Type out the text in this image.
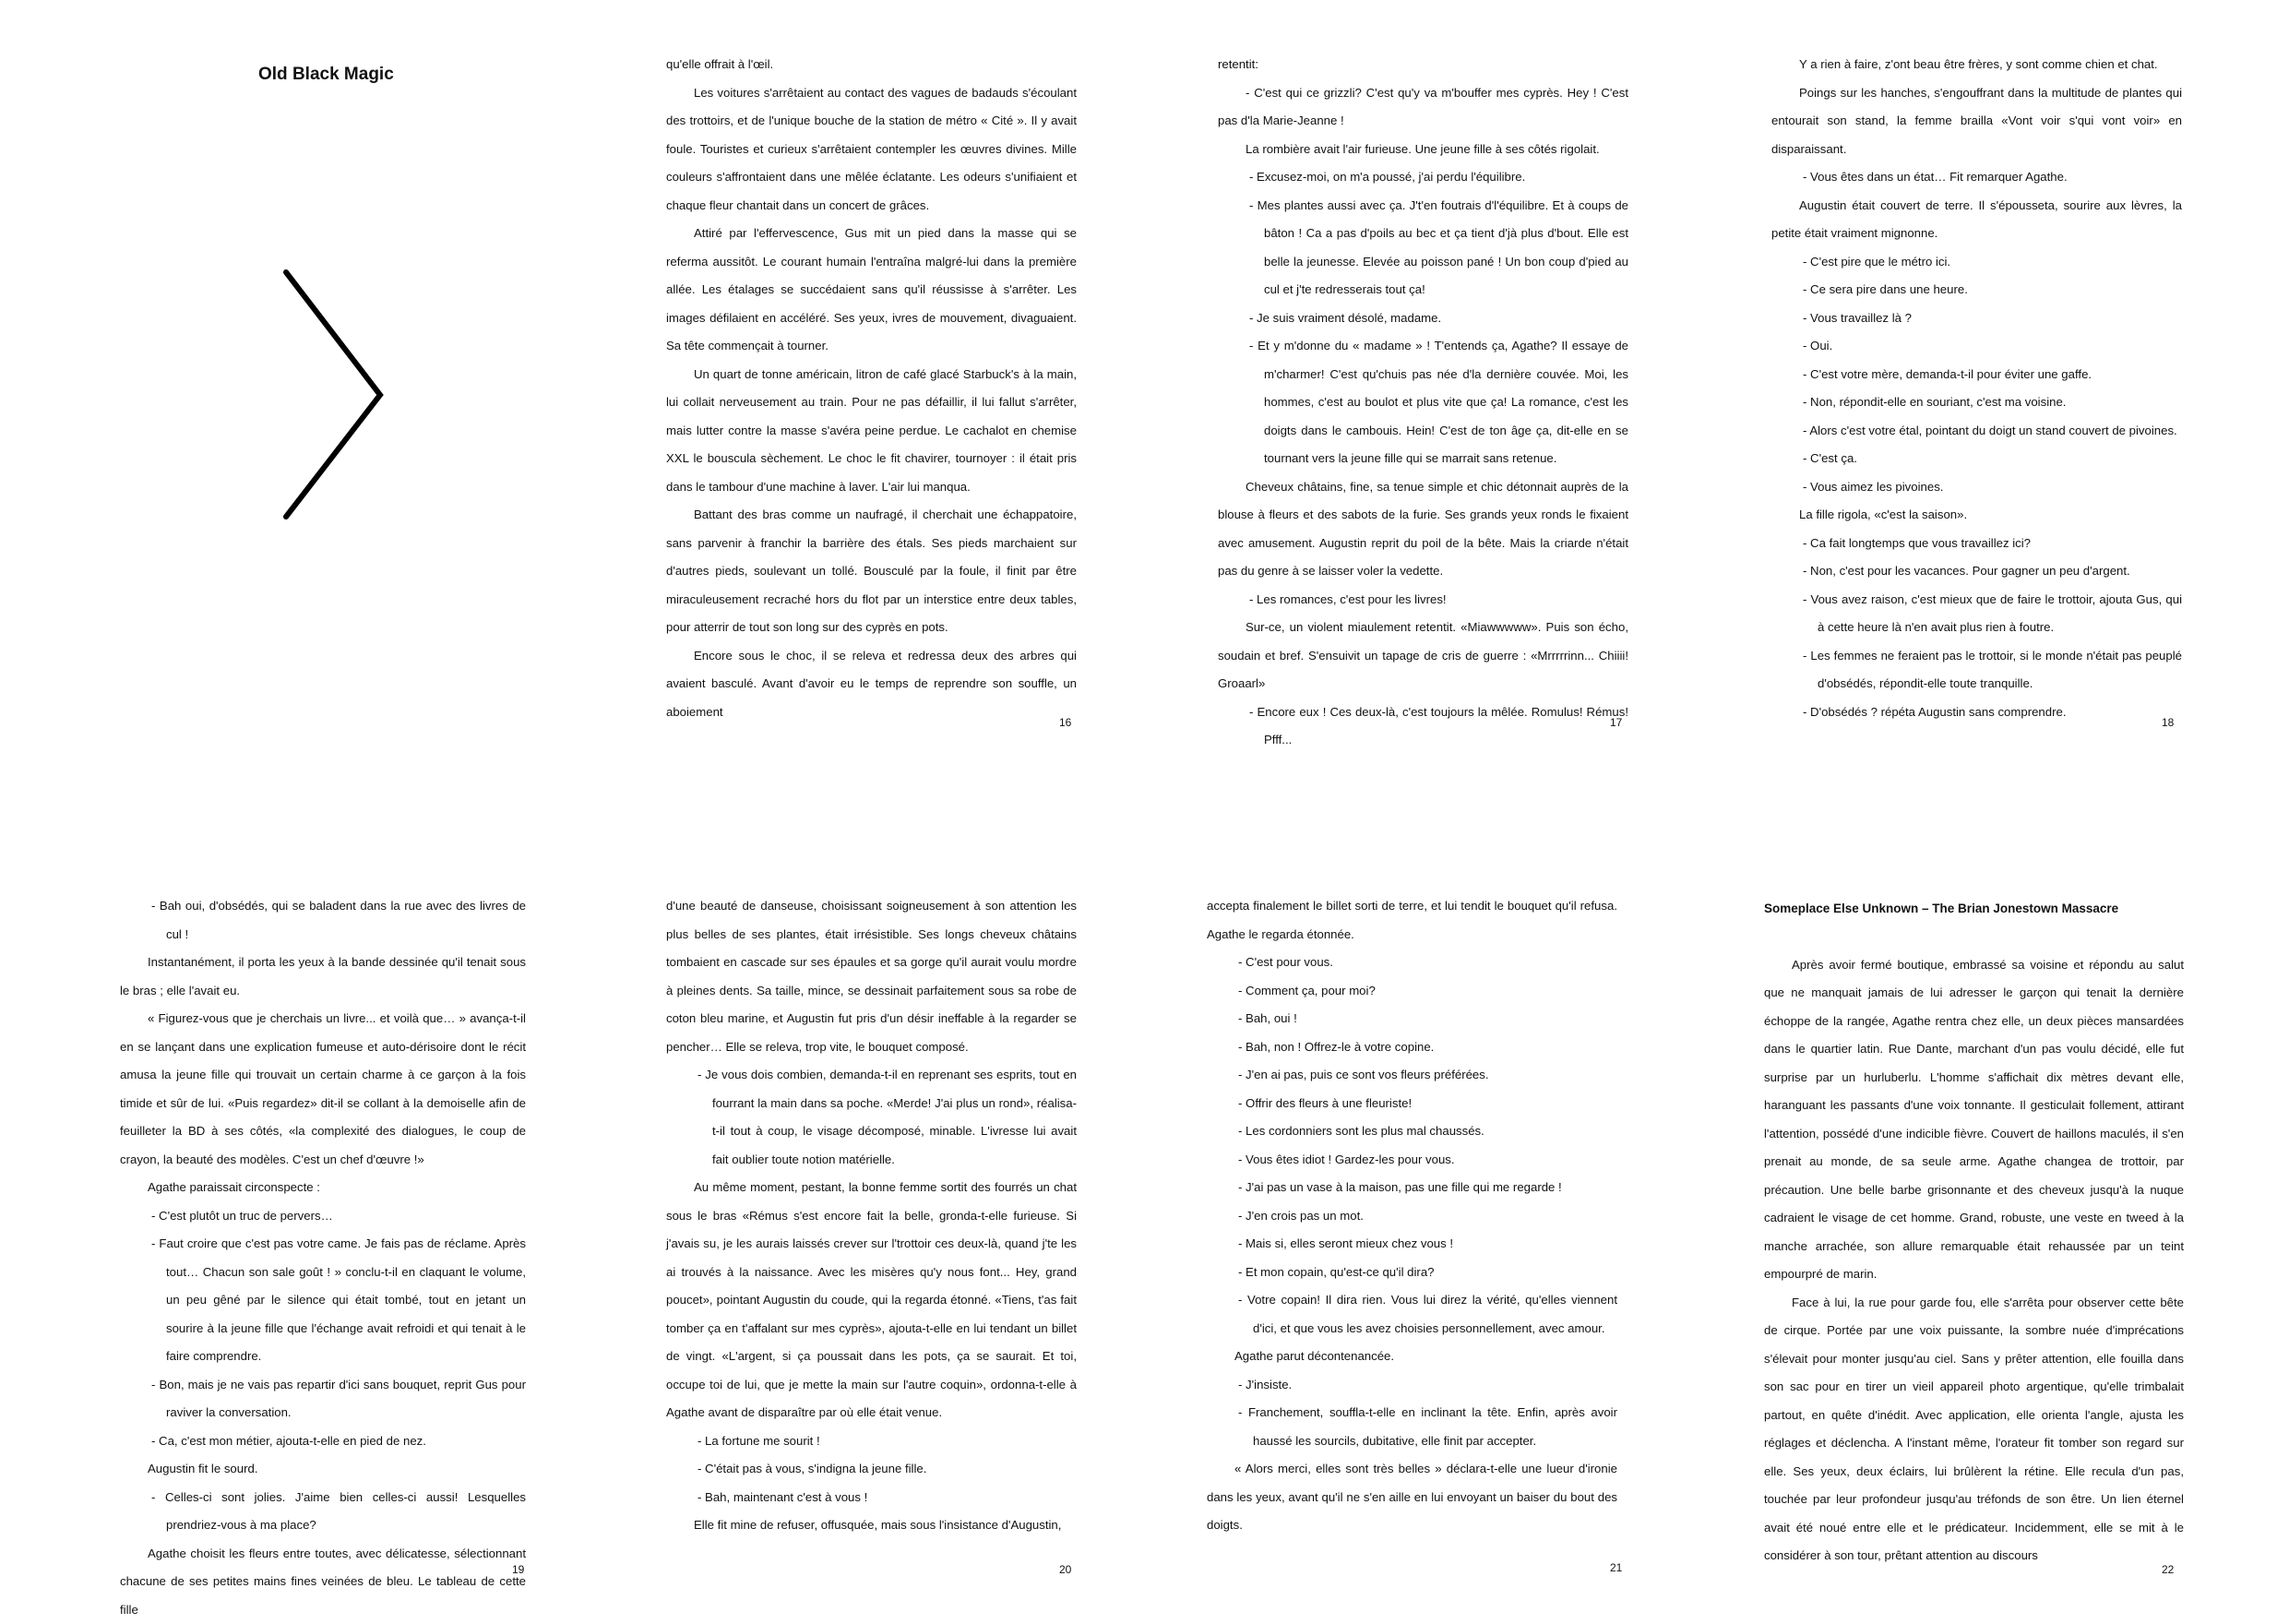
Old Black Magic

qu'elle offrait à l'œil.

Les voitures s'arrêtaient au contact des vagues de badauds s'écoulant des trottoirs, et de l'unique bouche de la station de métro « Cité ». Il y avait foule. Touristes et curieux s'arrêtaient contempler les œuvres divines. Mille couleurs s'affrontaient dans une mêlée éclatante. Les odeurs s'unifiaient et chaque fleur chantait dans un concert de grâces.

Attiré par l'effervescence, Gus mit un pied dans la masse qui se referma aussitôt. Le courant humain l'entraîna malgré-lui dans la première allée. Les étalages se succédaient sans qu'il réussisse à s'arrêter. Les images défilaient en accéléré. Ses yeux, ivres de mouvement, divaguaient. Sa tête commençait à tourner.

Un quart de tonne américain, litron de café glacé Starbuck's à la main, lui collait nerveusement au train. Pour ne pas défaillir, il lui fallut s'arrêter, mais lutter contre la masse s'avéra peine perdue. Le cachalot en chemise XXL le bouscula sèchement. Le choc le fit chavirer, tournoyer : il était pris dans le tambour d'une machine à laver. L'air lui manqua.

Battant des bras comme un naufragé, il cherchait une échappatoire, sans parvenir à franchir la barrière des étals. Ses pieds marchaient sur d'autres pieds, soulevant un tollé. Bousculé par la foule, il finit par être miraculeusement recraché hors du flot par un interstice entre deux tables, pour atterrir de tout son long sur des cyprès en pots.

Encore sous le choc, il se releva et redressa deux des arbres qui avaient basculé. Avant d'avoir eu le temps de reprendre son souffle, un aboiement

16

retentit:

- C'est qui ce grizzli? C'est qu'y va m'bouffer mes cyprès. Hey ! C'est pas d'la Marie-Jeanne !

La rombière avait l'air furieuse. Une jeune fille à ses côtés rigolait.

- Excusez-moi, on m'a poussé, j'ai perdu l'équilibre.

- Mes plantes aussi avec ça. J't'en foutrais d'l'équilibre. Et à coups de bâton ! Ca a pas d'poils au bec et ça tient d'jà plus d'bout. Elle est belle la jeunesse. Elevée au poisson pané ! Un bon coup d'pied au cul et j'te redresserais tout ça!

- Je suis vraiment désolé, madame.

- Et y m'donne du « madame » ! T'entends ça, Agathe? Il essaye de m'charmer! C'est qu'chuis pas née d'la dernière couvée. Moi, les hommes, c'est au boulot et plus vite que ça! La romance, c'est les doigts dans le cambouis. Hein! C'est de ton âge ça, dit-elle en se tournant vers la jeune fille qui se marrait sans retenue.

Cheveux châtains, fine, sa tenue simple et chic détonnait auprès de la blouse à fleurs et des sabots de la furie. Ses grands yeux ronds le fixaient avec amusement. Augustin reprit du poil de la bête. Mais la criarde n'était pas du genre à se laisser voler la vedette.

- Les romances, c'est pour les livres!

Sur-ce, un violent miaulement retentit. «Miawwwww». Puis son écho, soudain et bref. S'ensuivit un tapage de cris de guerre : «Mrrrrrinn... Chiiii! Groaarl»

- Encore eux ! Ces deux-là, c'est toujours la mêlée. Romulus! Rémus! Pfff...

17

Y a rien à faire, z'ont beau être frères, y sont comme chien et chat.

Poings sur les hanches, s'engouffrant dans la multitude de plantes qui entourait son stand, la femme brailla «Vont voir s'qui vont voir» en disparaissant.

- Vous êtes dans un état… Fit remarquer Agathe.

Augustin était couvert de terre. Il s'épousseta, sourire aux lèvres, la petite était vraiment mignonne.

- C'est pire que le métro ici.

- Ce sera pire dans une heure.

- Vous travaillez là ?

- Oui.

- C'est votre mère, demanda-t-il pour éviter une gaffe.

- Non, répondit-elle en souriant, c'est ma voisine.

- Alors c'est votre étal, pointant du doigt un stand couvert de pivoines.

- C'est ça.

- Vous aimez les pivoines.

La fille rigola, «c'est la saison».

- Ca fait longtemps que vous travaillez ici?

- Non, c'est pour les vacances. Pour gagner un peu d'argent.

- Vous avez raison, c'est mieux que de faire le trottoir, ajouta Gus, qui à cette heure là n'en avait plus rien à foutre.

- Les femmes ne feraient pas le trottoir, si le monde n'était pas peuplé d'obsédés, répondit-elle toute tranquille.

- D'obsédés ? répéta Augustin sans comprendre.

18

- Bah oui, d'obsédés, qui se baladent dans la rue avec des livres de cul !

Instantanément, il porta les yeux à la bande dessinée qu'il tenait sous le bras ; elle l'avait eu.

« Figurez-vous que je cherchais un livre... et voilà que… » avança-t-il en se lançant dans une explication fumeuse et auto-dérisoire dont le récit amusa la jeune fille qui trouvait un certain charme à ce garçon à la fois timide et sûr de lui. «Puis regardez» dit-il se collant à la demoiselle afin de feuilleter la BD à ses côtés, «la complexité des dialogues, le coup de crayon, la beauté des modèles. C'est un chef d'œuvre !»

Agathe paraissait circonspecte :

- C'est plutôt un truc de pervers…

- Faut croire que c'est pas votre came. Je fais pas de réclame. Après tout… Chacun son sale goût ! » conclu-t-il en claquant le volume, un peu gêné par le silence qui était tombé, tout en jetant un sourire à la jeune fille que l'échange avait refroidi et qui tenait à le faire comprendre.

- Bon, mais je ne vais pas repartir d'ici sans bouquet, reprit Gus pour raviver la conversation.

- Ca, c'est mon métier, ajouta-t-elle en pied de nez.

Augustin fit le sourd.

- Celles-ci sont jolies. J'aime bien celles-ci aussi! Lesquelles prendriez-vous à ma place?

Agathe choisit les fleurs entre toutes, avec délicatesse, sélectionnant chacune de ses petites mains fines veinées de bleu. Le tableau de cette fille

19

d'une beauté de danseuse, choisissant soigneusement à son attention les plus belles de ses plantes, était irrésistible. Ses longs cheveux châtains tombaient en cascade sur ses épaules et sa gorge qu'il aurait voulu mordre à pleines dents. Sa taille, mince, se dessinait parfaitement sous sa robe de coton bleu marine, et Augustin fut pris d'un désir ineffable à la regarder se pencher… Elle se releva, trop vite, le bouquet composé.

- Je vous dois combien, demanda-t-il en reprenant ses esprits, tout en fourrant la main dans sa poche. «Merde! J'ai plus un rond», réalisa-t-il tout à coup, le visage décomposé, minable. L'ivresse lui avait fait oublier toute notion matérielle.

Au même moment, pestant, la bonne femme sortit des fourrés un chat sous le bras «Rémus s'est encore fait la belle, gronda-t-elle furieuse. Si j'avais su, je les aurais laissés crever sur l'trottoir ces deux-là, quand j'te les ai trouvés à la naissance. Avec les misères qu'y nous font... Hey, grand poucet», pointant Augustin du coude, qui la regarda étonné. «Tiens, t'as fait tomber ça en t'affalant sur mes cyprès», ajouta-t-elle en lui tendant un billet de vingt. «L'argent, si ça poussait dans les pots, ça se saurait. Et toi, occupe toi de lui, que je mette la main sur l'autre coquin», ordonna-t-elle à Agathe avant de disparaître par où elle était venue.

- La fortune me sourit !

- C'était pas à vous, s'indigna la jeune fille.

- Bah, maintenant c'est à vous !

Elle fit mine de refuser, offusquée, mais sous l'insistance d'Augustin,

20

accepta finalement le billet sorti de terre, et lui tendit le bouquet qu'il refusa. Agathe le regarda étonnée.

- C'est pour vous.

- Comment ça, pour moi?

- Bah, oui !

- Bah, non ! Offrez-le à votre copine.

- J'en ai pas, puis ce sont vos fleurs préférées.

- Offrir des fleurs à une fleuriste!

- Les cordonniers sont les plus mal chaussés.

- Vous êtes idiot ! Gardez-les pour vous.

- J'ai pas un vase à la maison, pas une fille qui me regarde !

- J'en crois pas un mot.

- Mais si, elles seront mieux chez vous !

- Et mon copain, qu'est-ce qu'il dira?

- Votre copain! Il dira rien. Vous lui direz la vérité, qu'elles viennent d'ici, et que vous les avez choisies personnellement, avec amour.

Agathe parut décontenancée.

- J'insiste.

- Franchement, souffla-t-elle en inclinant la tête. Enfin, après avoir haussé les sourcils, dubitative, elle finit par accepter.

« Alors merci, elles sont très belles » déclara-t-elle une lueur d'ironie dans les yeux, avant qu'il ne s'en aille en lui envoyant un baiser du bout des doigts.

21
Someplace Else Unknown – The Brian Jonestown Massacre

Après avoir fermé boutique, embrassé sa voisine et répondu au salut que ne manquait jamais de lui adresser le garçon qui tenait la dernière échoppe de la rangée, Agathe rentra chez elle, un deux pièces mansardées dans le quartier latin. Rue Dante, marchant d'un pas voulu décidé, elle fut surprise par un hurluberlu. L'homme s'affichait dix mètres devant elle, haranguant les passants d'une voix tonnante. Il gesticulait follement, attirant l'attention, possédé d'une indicible fièvre. Couvert de haillons maculés, il s'en prenait au monde, de sa seule arme. Agathe changea de trottoir, par précaution. Une belle barbe grisonnante et des cheveux jusqu'à la nuque cadraient le visage de cet homme. Grand, robuste, une veste en tweed à la manche arrachée, son allure remarquable était rehaussée par un teint empourpré de marin.

Face à lui, la rue pour garde fou, elle s'arrêta pour observer cette bête de cirque. Portée par une voix puissante, la sombre nuée d'imprécations s'élevait pour monter jusqu'au ciel. Sans y prêter attention, elle fouilla dans son sac pour en tirer un vieil appareil photo argentique, qu'elle trimbalait partout, en quête d'inédit. Avec application, elle orienta l'angle, ajusta les réglages et déclencha. A l'instant même, l'orateur fit tomber son regard sur elle. Ses yeux, deux éclairs, lui brûlèrent la rétine. Elle recula d'un pas, touchée par leur profondeur jusqu'au tréfonds de son être. Un lien éternel avait été noué entre elle et le prédicateur. Incidemment, elle se mit à le considérer à son tour, prêtant attention au discours

22
